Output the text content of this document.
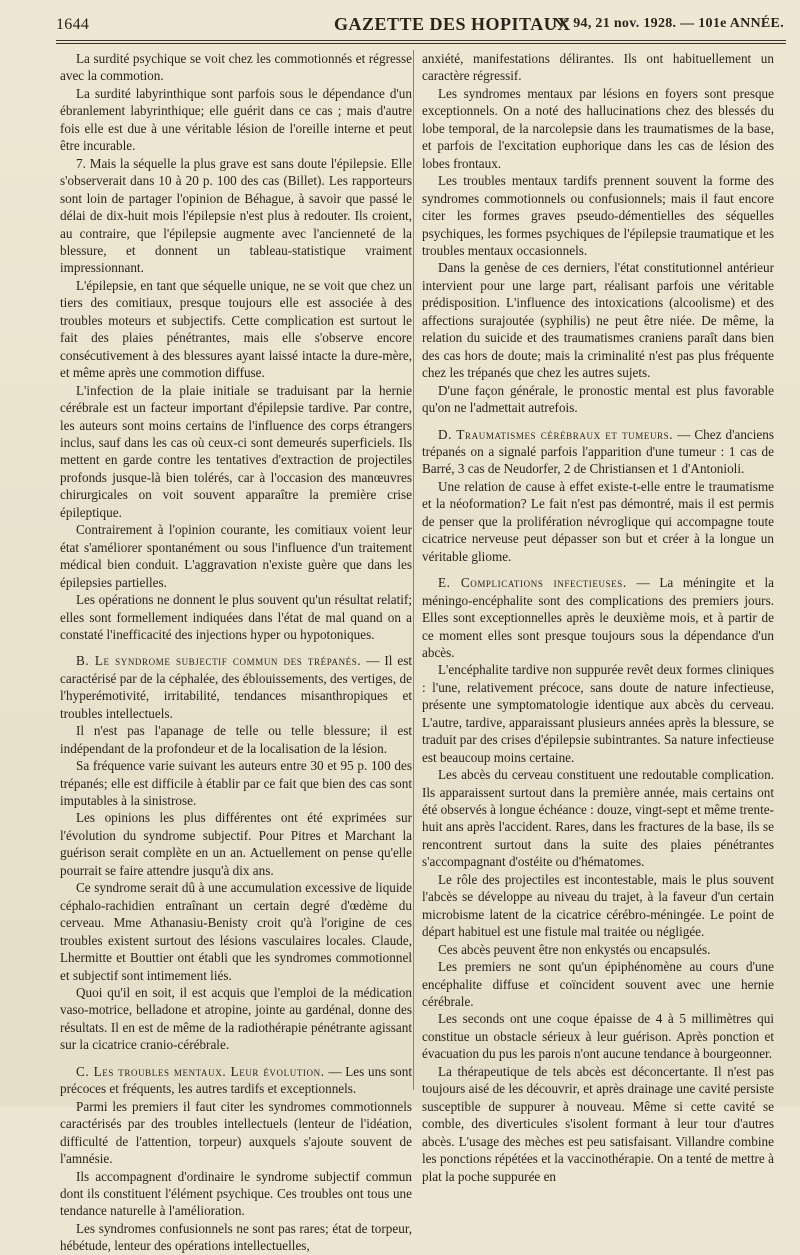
1644	GAZETTE DES HOPITAUX
N° 94, 21 nov. 1928. — 101e ANNÉE.

La surdité psychique se voit chez les commotionnés et régresse avec la commotion.

La surdité labyrinthique sont parfois sous le dépendance d'un ébranlement labyrinthique; elle guérit dans ce cas ; mais d'autre fois elle est due à une véritable lésion de l'oreille interne et peut être incurable.

7. Mais la séquelle la plus grave est sans doute l'épilepsie. Elle s'observerait dans 10 à 20 p. 100 des cas (Billet). Les rapporteurs sont loin de partager l'opinion de Béhague, à savoir que passé le délai de dix-huit mois l'épilepsie n'est plus à redouter. Ils croient, au contraire, que l'épilepsie augmente avec l'ancienneté de la blessure, et donnent un tableau-statistique vraiment impressionnant.

L'épilepsie, en tant que séquelle unique, ne se voit que chez un tiers des comitiaux, presque toujours elle est associée à des troubles moteurs et subjectifs. Cette complication est surtout le fait des plaies pénétrantes, mais elle s'observe encore consécutivement à des blessures ayant laissé intacte la dure-mère, et même après une commotion diffuse.

L'infection de la plaie initiale se traduisant par la hernie cérébrale est un facteur important d'épilepsie tardive. Par contre, les auteurs sont moins certains de l'influence des corps étrangers inclus, sauf dans les cas où ceux-ci sont demeurés superficiels. Ils mettent en garde contre les tentatives d'extraction de projectiles profonds jusque-là bien tolérés, car à l'occasion des manœuvres chirurgicales on voit souvent apparaître la première crise épileptique.

Contrairement à l'opinion courante, les comitiaux voient leur état s'améliorer spontanément ou sous l'influence d'un traitement médical bien conduit. L'aggravation n'existe guère que dans les épilepsies partielles.

Les opérations ne donnent le plus souvent qu'un résultat relatif; elles sont formellement indiquées dans l'état de mal quand on a constaté l'inefficacité des injections hyper ou hypotoniques.

B. Le syndrome subjectif commun des trépanés. — Il est caractérisé par de la céphalée, des éblouissements, des vertiges, de l'hyperémotivité, irritabilité, tendances misanthropiques et troubles intellectuels.

Il n'est pas l'apanage de telle ou telle blessure; il est indépendant de la profondeur et de la localisation de la lésion.

Sa fréquence varie suivant les auteurs entre 30 et 95 p. 100 des trépanés; elle est difficile à établir par ce fait que bien des cas sont imputables à la sinistrose.

Les opinions les plus différentes ont été exprimées sur l'évolution du syndrome subjectif. Pour Pitres et Marchant la guérison serait complète en un an. Actuellement on pense qu'elle pourrait se faire attendre jusqu'à dix ans.

Ce syndrome serait dû à une accumulation excessive de liquide céphalo-rachidien entraînant un certain degré d'œdème du cerveau. Mme Athanasiu-Benisty croit qu'à l'origine de ces troubles existent surtout des lésions vasculaires locales. Claude, Lhermitte et Bouttier ont établi que les syndromes commotionnel et subjectif sont intimement liés.

Quoi qu'il en soit, il est acquis que l'emploi de la médication vaso-motrice, belladone et atropine, jointe au gardénal, donne des résultats. Il en est de même de la radiothérapie pénétrante agissant sur la cicatrice cranio-cérébrale.

C. Les troubles mentaux. Leur évolution. — Les uns sont précoces et fréquents, les autres tardifs et exceptionnels.

Parmi les premiers il faut citer les syndromes commotionnels caractérisés par des troubles intellectuels (lenteur de l'idéation, difficulté de l'attention, torpeur) auxquels s'ajoute souvent de l'amnésie.

Ils accompagnent d'ordinaire le syndrome subjectif commun dont ils constituent l'élément psychique. Ces troubles ont tous une tendance naturelle à l'amélioration.

Les syndromes confusionnels ne sont pas rares; état de torpeur, hébétude, lenteur des opérations intellectuelles,

anxiété, manifestations délirantes. Ils ont habituellement un caractère régressif.

Les syndromes mentaux par lésions en foyers sont presque exceptionnels. On a noté des hallucinations chez des blessés du lobe temporal, de la narcolepsie dans les traumatismes de la base, et parfois de l'excitation euphorique dans les cas de lésion des lobes frontaux.

Les troubles mentaux tardifs prennent souvent la forme des syndromes commotionnels ou confusionnels; mais il faut encore citer les formes graves pseudo-démentielles des séquelles psychiques, les formes psychiques de l'épilepsie traumatique et les troubles mentaux occasionnels.

Dans la genèse de ces derniers, l'état constitutionnel antérieur intervient pour une large part, réalisant parfois une véritable prédisposition. L'influence des intoxications (alcoolisme) et des affections surajoutée (syphilis) ne peut être niée. De même, la relation du suicide et des traumatismes craniens paraît dans bien des cas hors de doute; mais la criminalité n'est pas plus fréquente chez les trépanés que chez les autres sujets.

D'une façon générale, le pronostic mental est plus favorable qu'on ne l'admettait autrefois.

D. Traumatismes cérébraux et tumeurs. — Chez d'anciens trépanés on a signalé parfois l'apparition d'une tumeur : 1 cas de Barré, 3 cas de Neudorfer, 2 de Christiansen et 1 d'Antonioli.

Une relation de cause à effet existe-t-elle entre le traumatisme et la néoformation? Le fait n'est pas démontré, mais il est permis de penser que la prolifération névroglique qui accompagne toute cicatrice nerveuse peut dépasser son but et créer à la longue un véritable gliome.

E. Complications infectieuses. — La méningite et la méningo-encéphalite sont des complications des premiers jours. Elles sont exceptionnelles après le deuxième mois, et à partir de ce moment elles sont presque toujours sous la dépendance d'un abcès.

L'encéphalite tardive non suppurée revêt deux formes cliniques : l'une, relativement précoce, sans doute de nature infectieuse, présente une symptomatologie identique aux abcès du cerveau. L'autre, tardive, apparaissant plusieurs années après la blessure, se traduit par des crises d'épilepsie subintrantes. Sa nature infectieuse est beaucoup moins certaine.

Les abcès du cerveau constituent une redoutable complication. Ils apparaissent surtout dans la première année, mais certains ont été observés à longue échéance : douze, vingt-sept et même trente-huit ans après l'accident. Rares, dans les fractures de la base, ils se rencontrent surtout dans la suite des plaies pénétrantes s'accompagnant d'ostéite ou d'hématomes.

Le rôle des projectiles est incontestable, mais le plus souvent l'abcès se développe au niveau du trajet, à la faveur d'un certain microbisme latent de la cicatrice cérébro-méningée. Le point de départ habituel est une fistule mal traitée ou négligée.

Ces abcès peuvent être non enkystés ou encapsulés.

Les premiers ne sont qu'un épiphénomène au cours d'une encéphalite diffuse et coïncident souvent avec une hernie cérébrale.

Les seconds ont une coque épaisse de 4 à 5 millimètres qui constitue un obstacle sérieux à leur guérison. Après ponction et évacuation du pus les parois n'ont aucune tendance à bourgeonner.

La thérapeutique de tels abcès est déconcertante. Il n'est pas toujours aisé de les découvrir, et après drainage une cavité persiste susceptible de suppurer à nouveau. Même si cette cavité se comble, des diverticules s'isolent formant à leur tour d'autres abcès. L'usage des mèches est peu satisfaisant. Villandre combine les ponctions répétées et la vaccinothérapie. On a tenté de mettre à plat la poche suppurée en
